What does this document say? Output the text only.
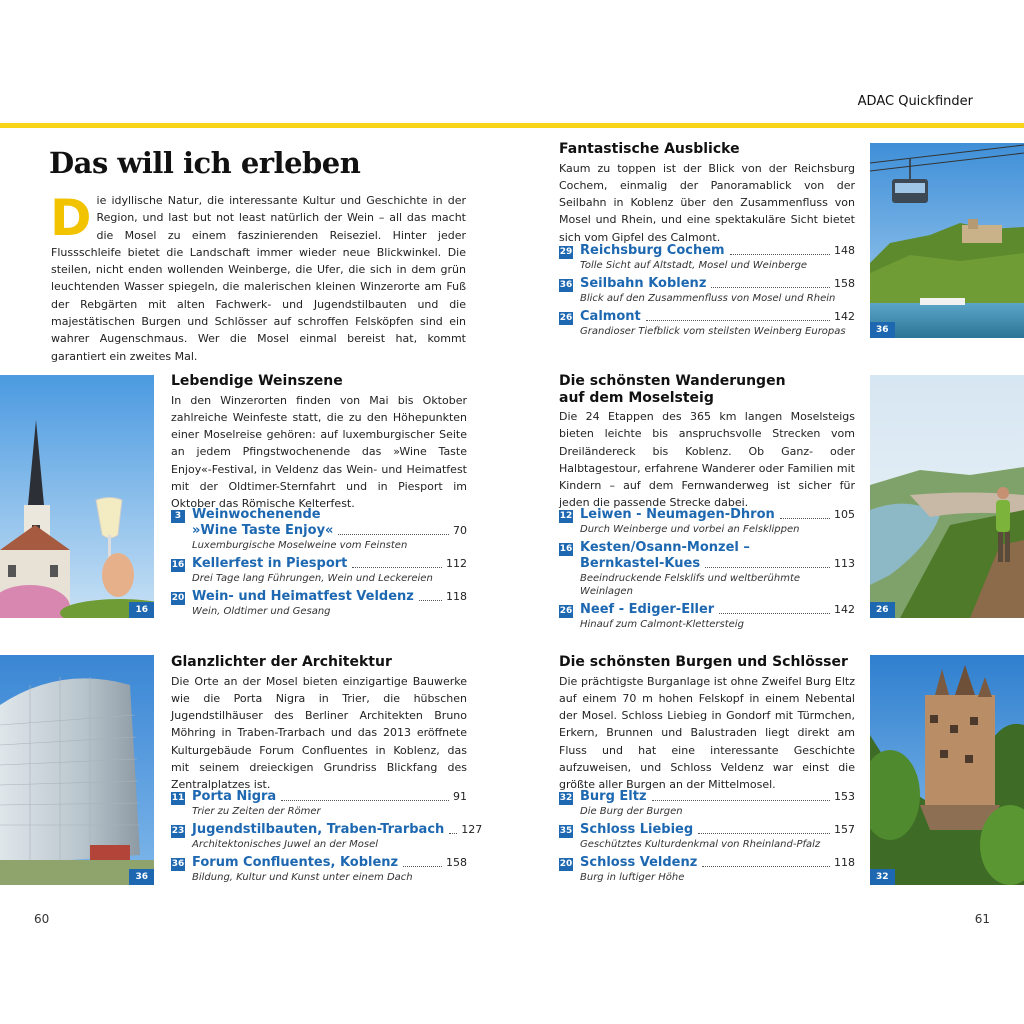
ADAC Quickfinder
Das will ich erleben
Die idyllische Natur, die interessante Kultur und Geschichte in der Region, und last but not least natürlich der Wein – all das macht die Mosel zu einem faszinierenden Reiseziel. Hinter jeder Flussschleife bietet die Landschaft immer wieder neue Blickwinkel. Die steilen, nicht enden wollenden Weinberge, die Ufer, die sich in dem grün leuchtenden Wasser spiegeln, die malerischen kleinen Winzerorte am Fuß der Rebgärten mit alten Fachwerk- und Jugendstilbauten und die majestätischen Burgen und Schlösser auf schroffen Felsköpfen sind ein wahrer Augenschmaus. Wer die Mosel einmal bereist hat, kommt garantiert ein zweites Mal.
Fantastische Ausblicke
Kaum zu toppen ist der Blick von der Reichsburg Cochem, einmalig der Panoramablick von der Seilbahn in Koblenz über den Zusammenfluss von Mosel und Rhein, und eine spektakuläre Sicht bietet sich vom Gipfel des Calmont.
29 Reichsburg Cochem	148
Tolle Sicht auf Altstadt, Mosel und Weinberge
36 Seilbahn Koblenz	158
Blick auf den Zusammenfluss von Mosel und Rhein
26 Calmont	142
Grandioser Tiefblick vom steilsten Weinberg Europas	36
16
Lebendige Weinszene
In den Winzerorten finden von Mai bis Oktober zahlreiche Weinfeste statt, die zu den Höhepunkten einer Moselreise gehören: auf luxemburgischer Seite an jedem Pfingstwochenende das »Wine Taste Enjoy«-Festival, in Veldenz das Wein- und Heimatfest mit der Oldtimer-Sternfahrt und in Piesport im Oktober das Römische Kelterfest.
3 Weinwochenende
»Wine Taste Enjoy«	70
Luxemburgische Moselweine vom Feinsten
16 Kellerfest in Piesport	112
Drei Tage lang Führungen, Wein und Leckereien
20 Wein- und Heimatfest Veldenz	118
Wein, Oldtimer und Gesang
Die schönsten Wanderungen
auf dem Moselsteig
Die 24 Etappen des 365 km langen Moselsteigs bieten leichte bis anspruchsvolle Strecken vom Dreiländereck bis Koblenz. Ob Ganz- oder Halbtagestour, erfahrene Wanderer oder Familien mit Kindern – auf dem Fernwanderweg ist sicher für jeden die passende Strecke dabei.
12 Leiwen - Neumagen-Dhron	105
Durch Weinberge und vorbei an Felsklippen
16 Kesten/Osann-Monzel –
Bernkastel-Kues	113
Beeindruckende Felsklifs und weltberühmte Weinlagen
26 Neef - Ediger-Eller	142
Hinauf zum Calmont-Klettersteig
26
36
Glanzlichter der Architektur
Die Orte an der Mosel bieten einzigartige Bauwerke wie die Porta Nigra in Trier, die hübschen Jugendstilhäuser des Berliner Architekten Bruno Möhring in Traben-Trarbach und das 2013 eröffnete Kulturgebäude Forum Confluentes in Koblenz, das mit seinem dreieckigen Grundriss Blickfang des Zentralplatzes ist.
11 Porta Nigra	91
Trier zu Zeiten der Römer
23 Jugendstilbauten, Traben-Trarbach 127
Architektonisches Juwel an der Mosel
36 Forum Confluentes, Koblenz	158
Bildung, Kultur und Kunst unter einem Dach
Die schönsten Burgen und Schlösser
Die prächtigste Burganlage ist ohne Zweifel Burg Eltz auf einem 70 m hohen Felskopf in einem Nebental der Mosel. Schloss Liebieg in Gondorf mit Türmchen, Erkern, Brunnen und Balustraden liegt direkt am Fluss und hat eine interessante Geschichte aufzuweisen, und Schloss Veldenz war einst die größte aller Burgen an der Mittelmosel.
32 Burg Eltz	153
Die Burg der Burgen
35 Schloss Liebieg	157
Geschütztes Kulturdenkmal von Rheinland-Pfalz
20 Schloss Veldenz	118
Burg in luftiger Höhe	32
60	61
